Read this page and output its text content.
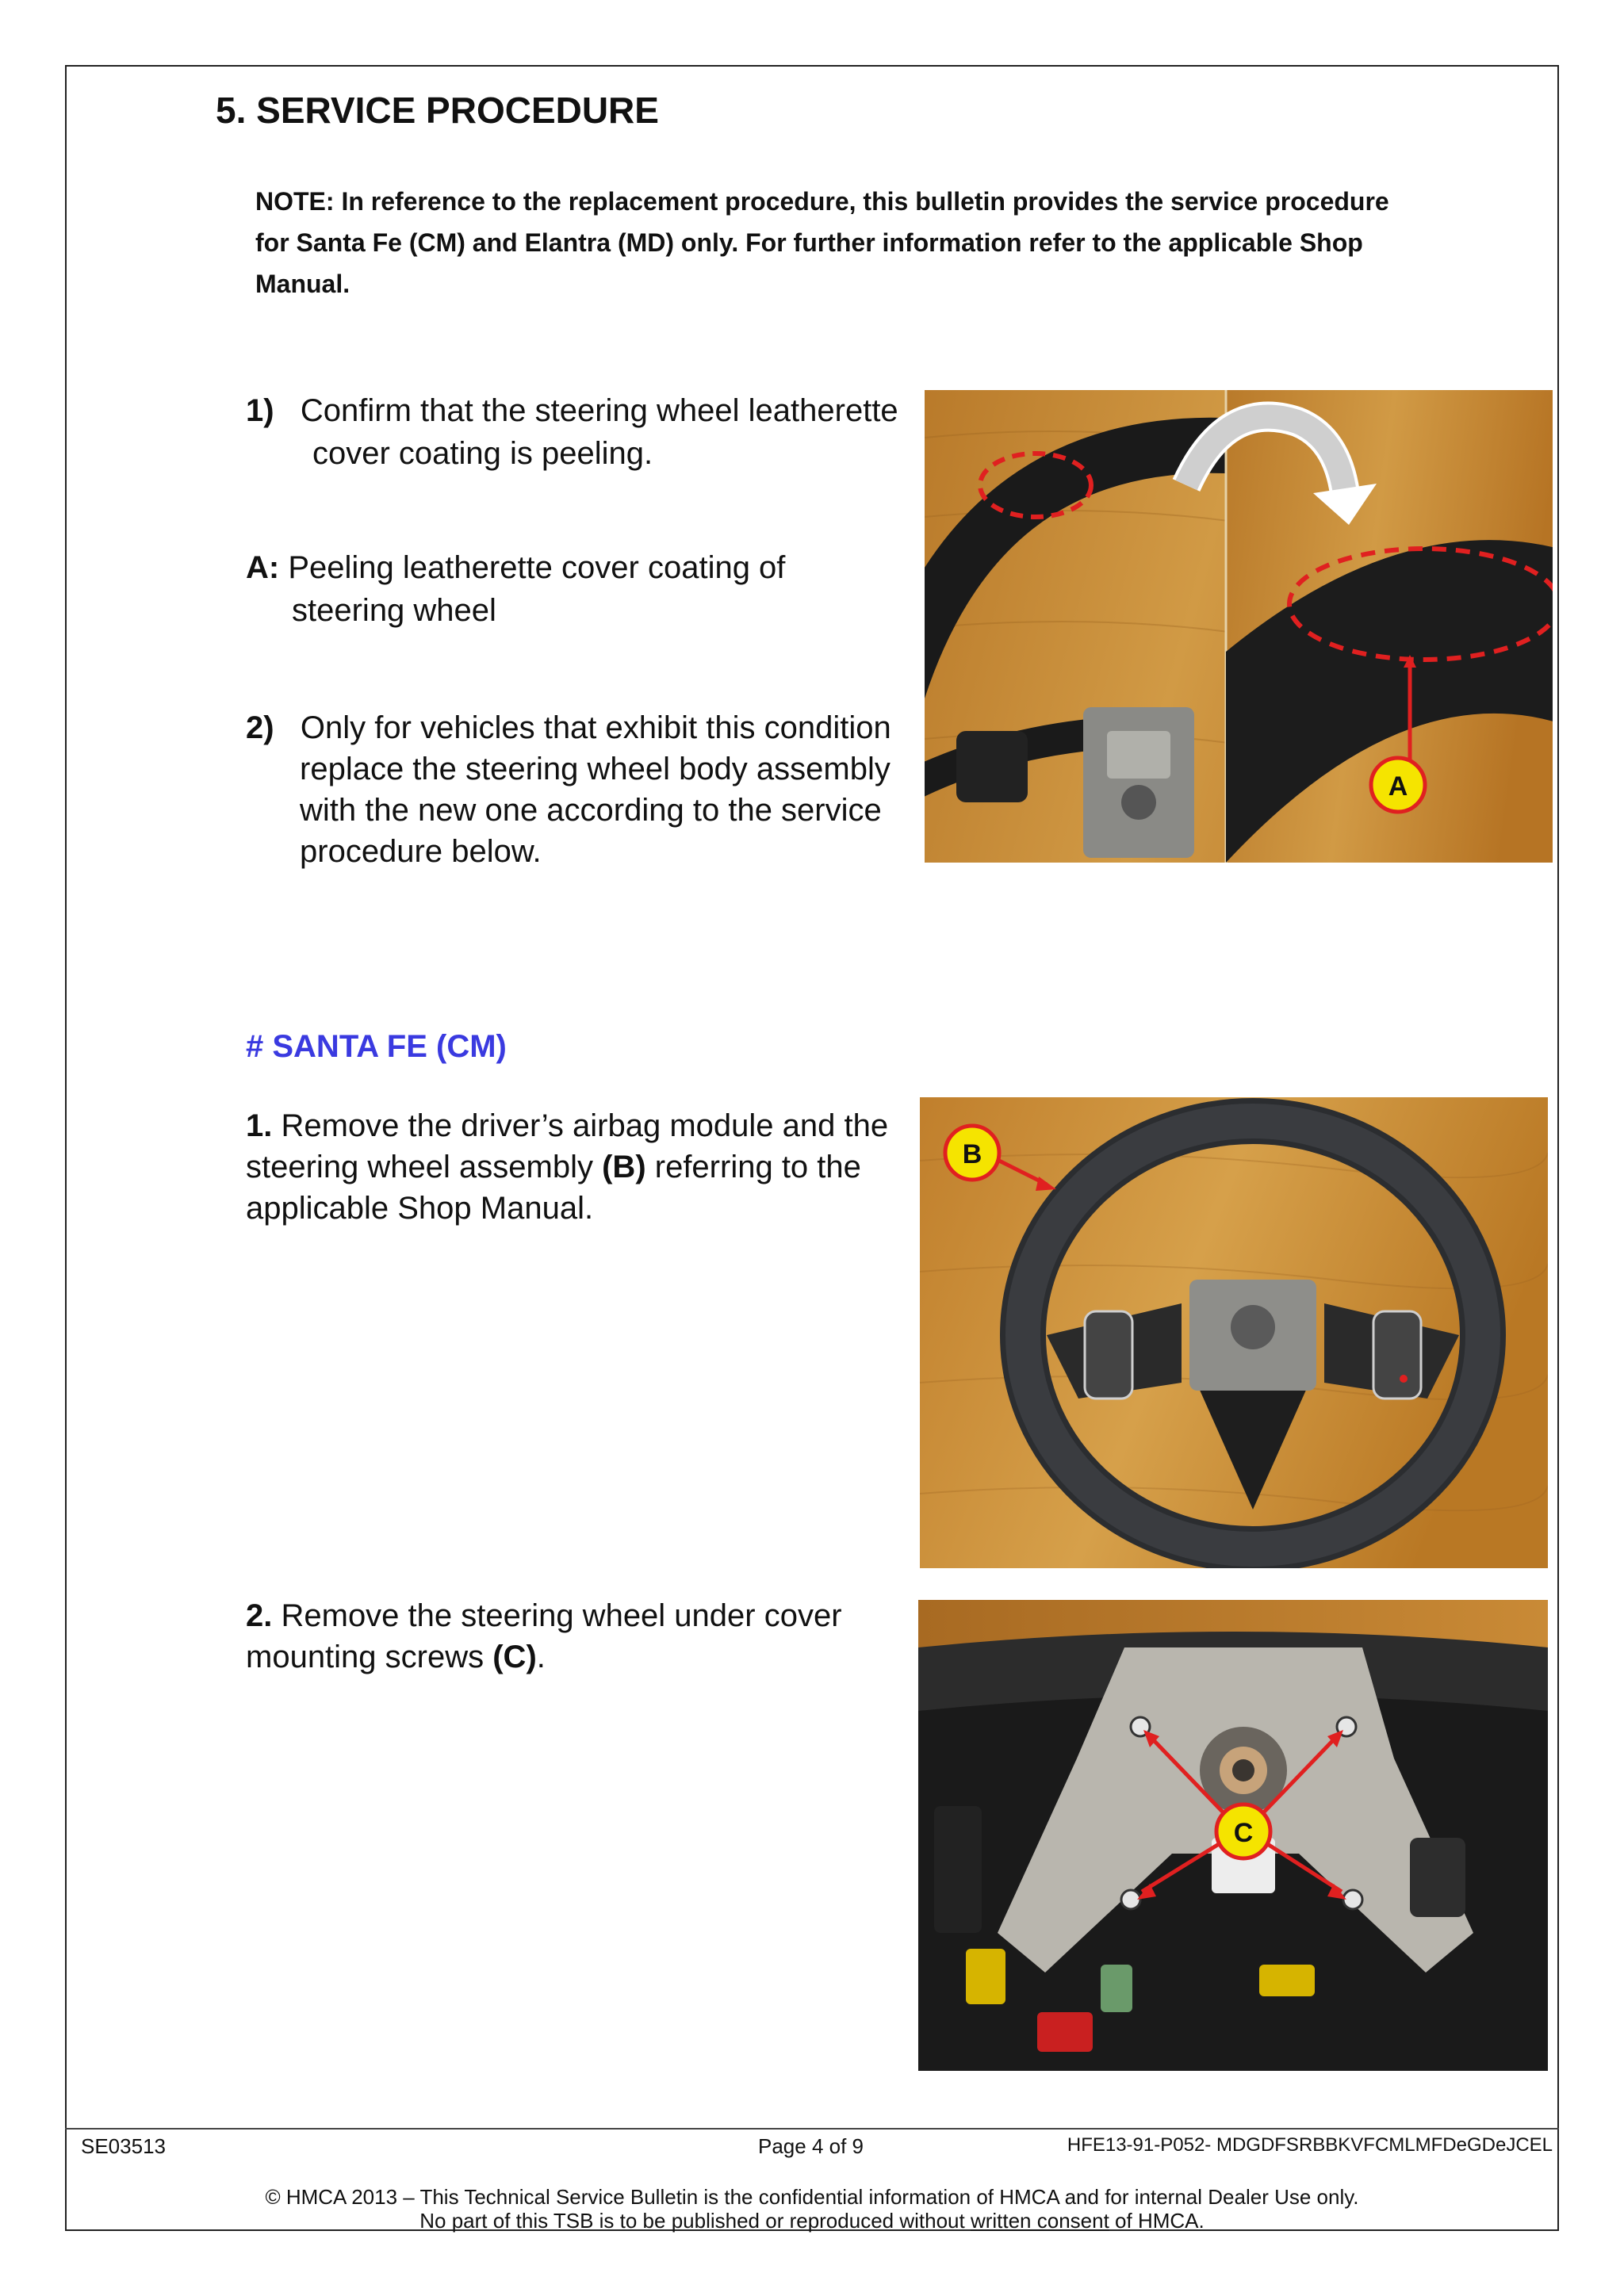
5. SERVICE PROCEDURE
NOTE: In reference to the replacement procedure, this bulletin provides the service procedure for Santa Fe (CM) and Elantra (MD) only. For further information refer to the applicable Shop Manual.
1) Confirm that the steering wheel leatherette
cover coating is peeling.
A: Peeling leatherette cover coating of
steering wheel
2) Only for vehicles that exhibit this condition
replace the steering wheel body assembly
with the new one according to the service
procedure below.
A
# SANTA FE (CM)
1. Remove the driver’s airbag module and the
steering wheel assembly (B) referring to the
applicable Shop Manual.
B
2. Remove the steering wheel under cover
mounting screws (C).
C
SE03513	Page 4 of 9	HFE13-91-P052- MDGDFSRBBKVFCMLMFDeGDeJCEL
© HMCA 2013 – This Technical Service Bulletin is the confidential information of HMCA and for internal Dealer Use only.
No part of this TSB is to be published or reproduced without written consent of HMCA.
